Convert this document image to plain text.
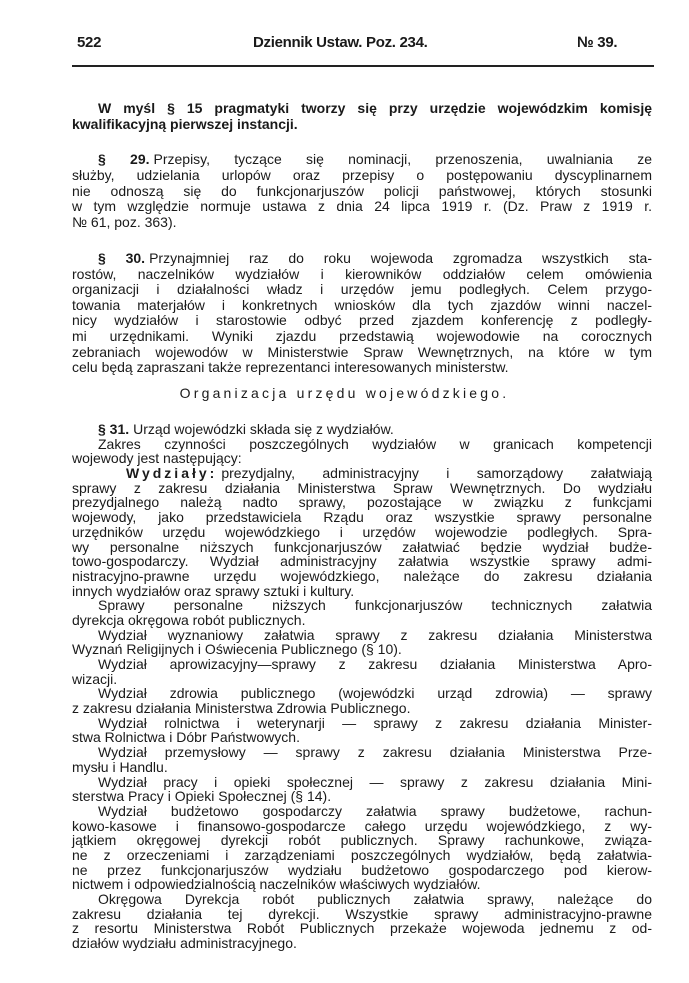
522	Dziennik Ustaw. Poz. 234.	№ 39.
W myśl § 15 pragmatyki tworzy się przy urzędzie wojewódzkim komisję
kwalifikacyjną pierwszej instancji.
§ 29. Przepisy, tyczące się nominacji, przenoszenia, uwalniania ze
służby, udzielania urlopów oraz przepisy o postępowaniu dyscyplinarnem
nie odnoszą się do funkcjonarjuszów policji państwowej, których stosunki
w tym względzie normuje ustawa z dnia 24 lipca 1919 r. (Dz. Praw z 1919 r.
№ 61, poz. 363).
§ 30. Przynajmniej raz do roku wojewoda zgromadza wszystkich sta-
rostów, naczelników wydziałów i kierowników oddziałów celem omówienia
organizacji i działalności władz i urzędów jemu podległych. Celem przygo-
towania materjałów i konkretnych wniosków dla tych zjazdów winni naczel-
nicy wydziałów i starostowie odbyć przed zjazdem konferencję z podległy-
mi urzędnikami. Wyniki zjazdu przedstawią wojewodowie na corocznych
zebraniach wojewodów w Ministerstwie Spraw Wewnętrznych, na które w tym
celu będą zapraszani także reprezentanci interesowanych ministerstw.
Organizacja urzędu wojewódzkiego.
§ 31. Urząd wojewódzki składa się z wydziałów.
Zakres czynności poszczególnych wydziałów w granicach kompetencji
wojewody jest następujący:
Wydziały: prezydjalny, administracyjny i samorządowy załatwiają
sprawy z zakresu działania Ministerstwa Spraw Wewnętrznych. Do wydziału
prezydjalnego należą nadto sprawy, pozostające w związku z funkcjami
wojewody, jako przedstawiciela Rządu oraz wszystkie sprawy personalne
urzędników urzędu wojewódzkiego i urzędów wojewodzie podległych. Spra-
wy personalne niższych funkcjonarjuszów załatwiać będzie wydział budże-
towo-gospodarczy. Wydział administracyjny załatwia wszystkie sprawy admi-
nistracyjno-prawne urzędu wojewódzkiego, należące do zakresu działania
innych wydziałów oraz sprawy sztuki i kultury.
Sprawy personalne niższych funkcjonarjuszów technicznych załatwia
dyrekcja okręgowa robót publicznych.
Wydział wyznaniowy załatwia sprawy z zakresu działania Ministerstwa
Wyznań Religijnych i Oświecenia Publicznego (§ 10).
Wydział aprowizacyjny—sprawy z zakresu działania Ministerstwa Apro-
wizacji.
Wydział zdrowia publicznego (wojewódzki urząd zdrowia) — sprawy
z zakresu działania Ministerstwa Zdrowia Publicznego.
Wydział rolnictwa i weterynarji — sprawy z zakresu działania Minister-
stwa Rolnictwa i Dóbr Państwowych.
Wydział przemysłowy — sprawy z zakresu działania Ministerstwa Prze-
mysłu i Handlu.
Wydział pracy i opieki społecznej — sprawy z zakresu działania Mini-
sterstwa Pracy i Opieki Społecznej (§ 14).
Wydział budżetowo gospodarczy załatwia sprawy budżetowe, rachun-
kowo-kasowe i finansowo-gospodarcze całego urzędu wojewódzkiego, z wy-
jątkiem okręgowej dyrekcji robót publicznych. Sprawy rachunkowe, związa-
ne z orzeczeniami i zarządzeniami poszczególnych wydziałów, będą załatwia-
ne przez funkcjonarjuszów wydziału budżetowo gospodarczego pod kierow-
nictwem i odpowiedzialnością naczelników właściwych wydziałów.
Okręgowa Dyrekcja robót publicznych załatwia sprawy, należące do
zakresu działania tej dyrekcji. Wszystkie sprawy administracyjno-prawne
z resortu Ministerstwa Robót Publicznych przekaże wojewoda jednemu z od-
działów wydziału administracyjnego.
